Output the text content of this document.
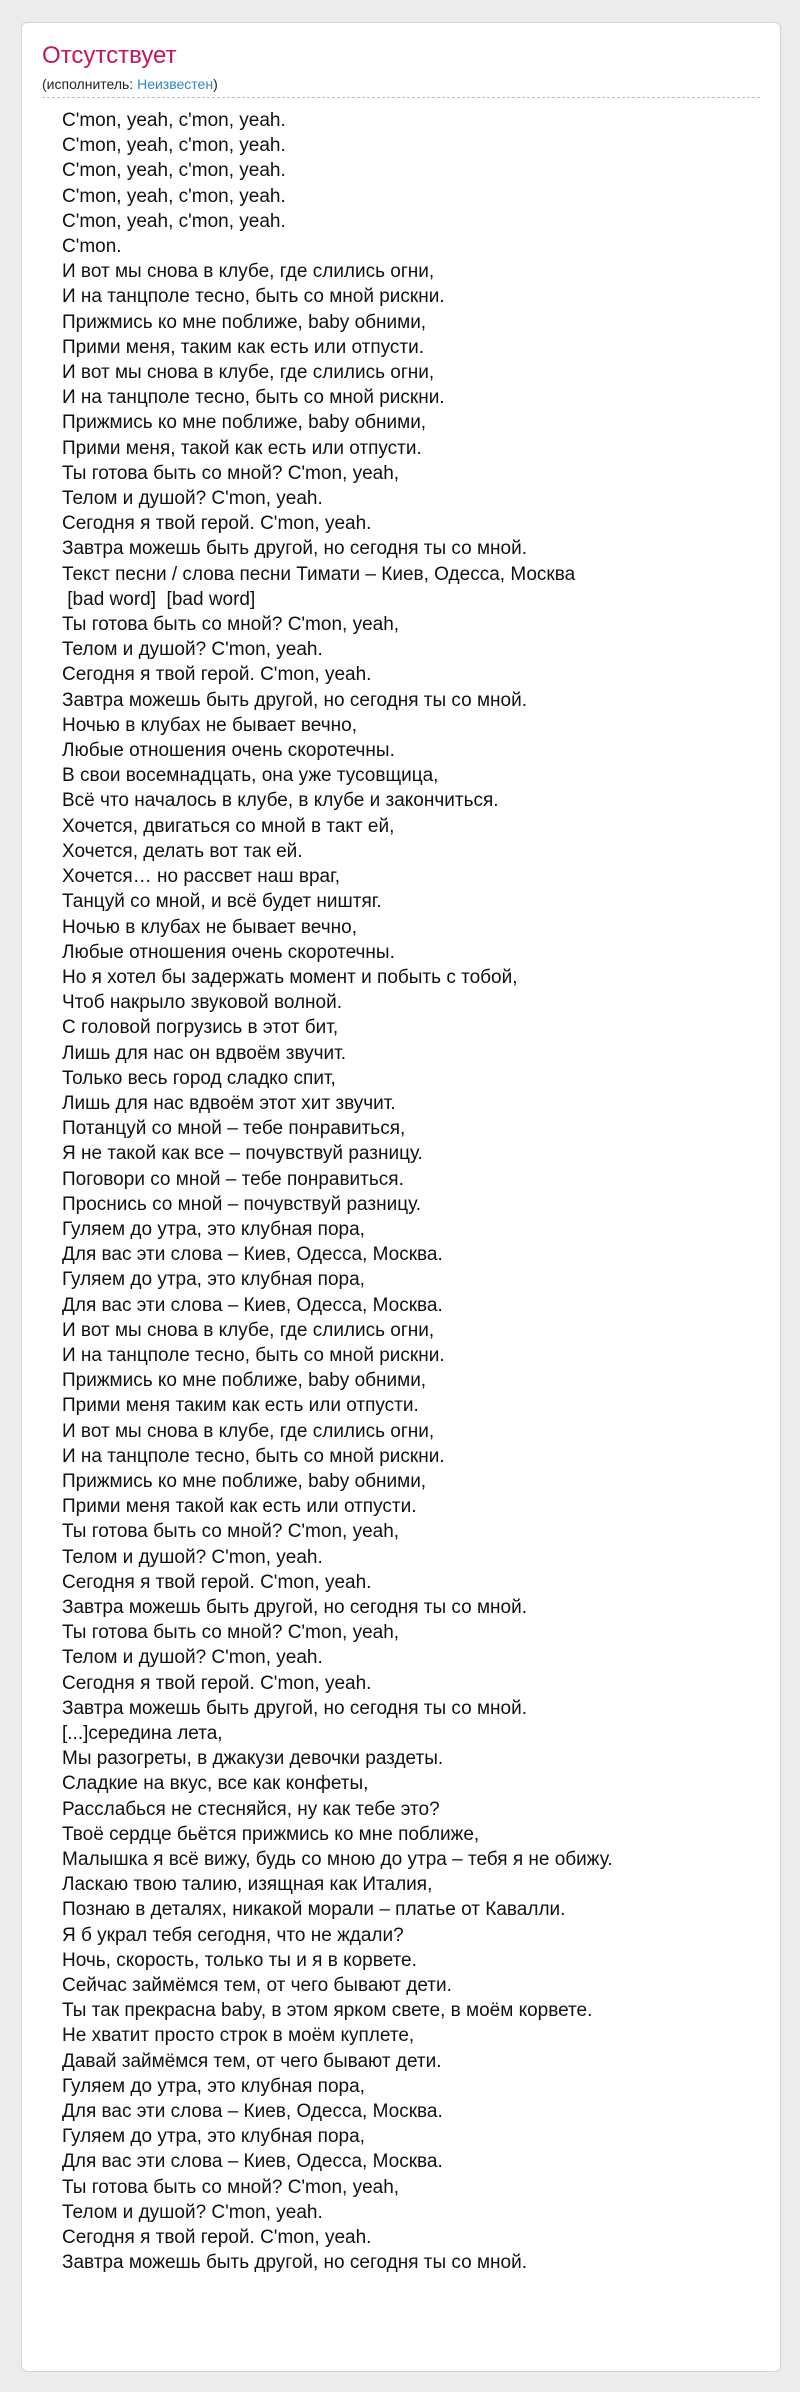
Отсутствует
(исполнитель: Неизвестен)
C'mon, yeah, c'mon, yeah.
C'mon, yeah, c'mon, yeah.
C'mon, yeah, c'mon, yeah.
C'mon, yeah, c'mon, yeah.
C'mon, yeah, c'mon, yeah.
C'mon.
И вот мы снова в клубе, где слились огни,
И на танцполе тесно, быть со мной рискни.
Прижмись ко мне поближе, baby обними,
Прими меня, таким как есть или отпусти.
И вот мы снова в клубе, где слились огни,
И на танцполе тесно, быть со мной рискни.
Прижмись ко мне поближе, baby обними,
Прими меня, такой как есть или отпусти.
Ты готова быть со мной? C'mon, yeah,
Телом и душой? C'mon, yeah.
Сегодня я твой герой. C'mon, yeah.
Завтра можешь быть другой, но сегодня ты со мной.
Текст песни / слова песни Тимати – Киев, Одесса, Москва
[bad word]  [bad word]
Ты готова быть со мной? C'mon, yeah,
Телом и душой? C'mon, yeah.
Сегодня я твой герой. C'mon, yeah.
Завтра можешь быть другой, но сегодня ты со мной.
Ночью в клубах не бывает вечно,
Любые отношения очень скоротечны.
В свои восемнадцать, она уже тусовщица,
Всё что началось в клубе, в клубе и закончиться.
Хочется, двигаться со мной в такт ей,
Хочется, делать вот так ей.
Хочется… но рассвет наш враг,
Танцуй со мной, и всё будет ништяг.
Ночью в клубах не бывает вечно,
Любые отношения очень скоротечны.
Но я хотел бы задержать момент и побыть с тобой,
Чтоб накрыло звуковой волной.
С головой погрузись в этот бит,
Лишь для нас он вдвоём звучит.
Только весь город сладко спит,
Лишь для нас вдвоём этот хит звучит.
Потанцуй со мной – тебе понравиться,
Я не такой как все – почувствуй разницу.
Поговори со мной – тебе понравиться.
Проснись со мной – почувствуй разницу.
Гуляем до утра, это клубная пора,
Для вас эти слова – Киев, Одесса, Москва.
Гуляем до утра, это клубная пора,
Для вас эти слова – Киев, Одесса, Москва.
И вот мы снова в клубе, где слились огни,
И на танцполе тесно, быть со мной рискни.
Прижмись ко мне поближе, baby обними,
Прими меня таким как есть или отпусти.
И вот мы снова в клубе, где слились огни,
И на танцполе тесно, быть со мной рискни.
Прижмись ко мне поближе, baby обними,
Прими меня такой как есть или отпусти.
Ты готова быть со мной? C'mon, yeah,
Телом и душой? C'mon, yeah.
Сегодня я твой герой. C'mon, yeah.
Завтра можешь быть другой, но сегодня ты со мной.
Ты готова быть со мной? C'mon, yeah,
Телом и душой? C'mon, yeah.
Сегодня я твой герой. C'mon, yeah.
Завтра можешь быть другой, но сегодня ты со мной.
[...]середина лета,
Мы разогреты, в джакузи девочки раздеты.
Сладкие на вкус, все как конфеты,
Расслабься не стесняйся, ну как тебе это?
Твоё сердце бьётся прижмись ко мне поближе,
Малышка я всё вижу, будь со мною до утра – тебя я не обижу.
Ласкаю твою талию, изящная как Италия,
Познаю в деталях, никакой морали – платье от Кавалли.
Я б украл тебя сегодня, что не ждали?
Ночь, скорость, только ты и я в корвете.
Сейчас займёмся тем, от чего бывают дети.
Ты так прекрасна baby, в этом ярком свете, в моём корвете.
Не хватит просто строк в моём куплете,
Давай займёмся тем, от чего бывают дети.
Гуляем до утра, это клубная пора,
Для вас эти слова – Киев, Одесса, Москва.
Гуляем до утра, это клубная пора,
Для вас эти слова – Киев, Одесса, Москва.
Ты готова быть со мной? C'mon, yeah,
Телом и душой? C'mon, yeah.
Сегодня я твой герой. C'mon, yeah.
Завтра можешь быть другой, но сегодня ты со мной.
